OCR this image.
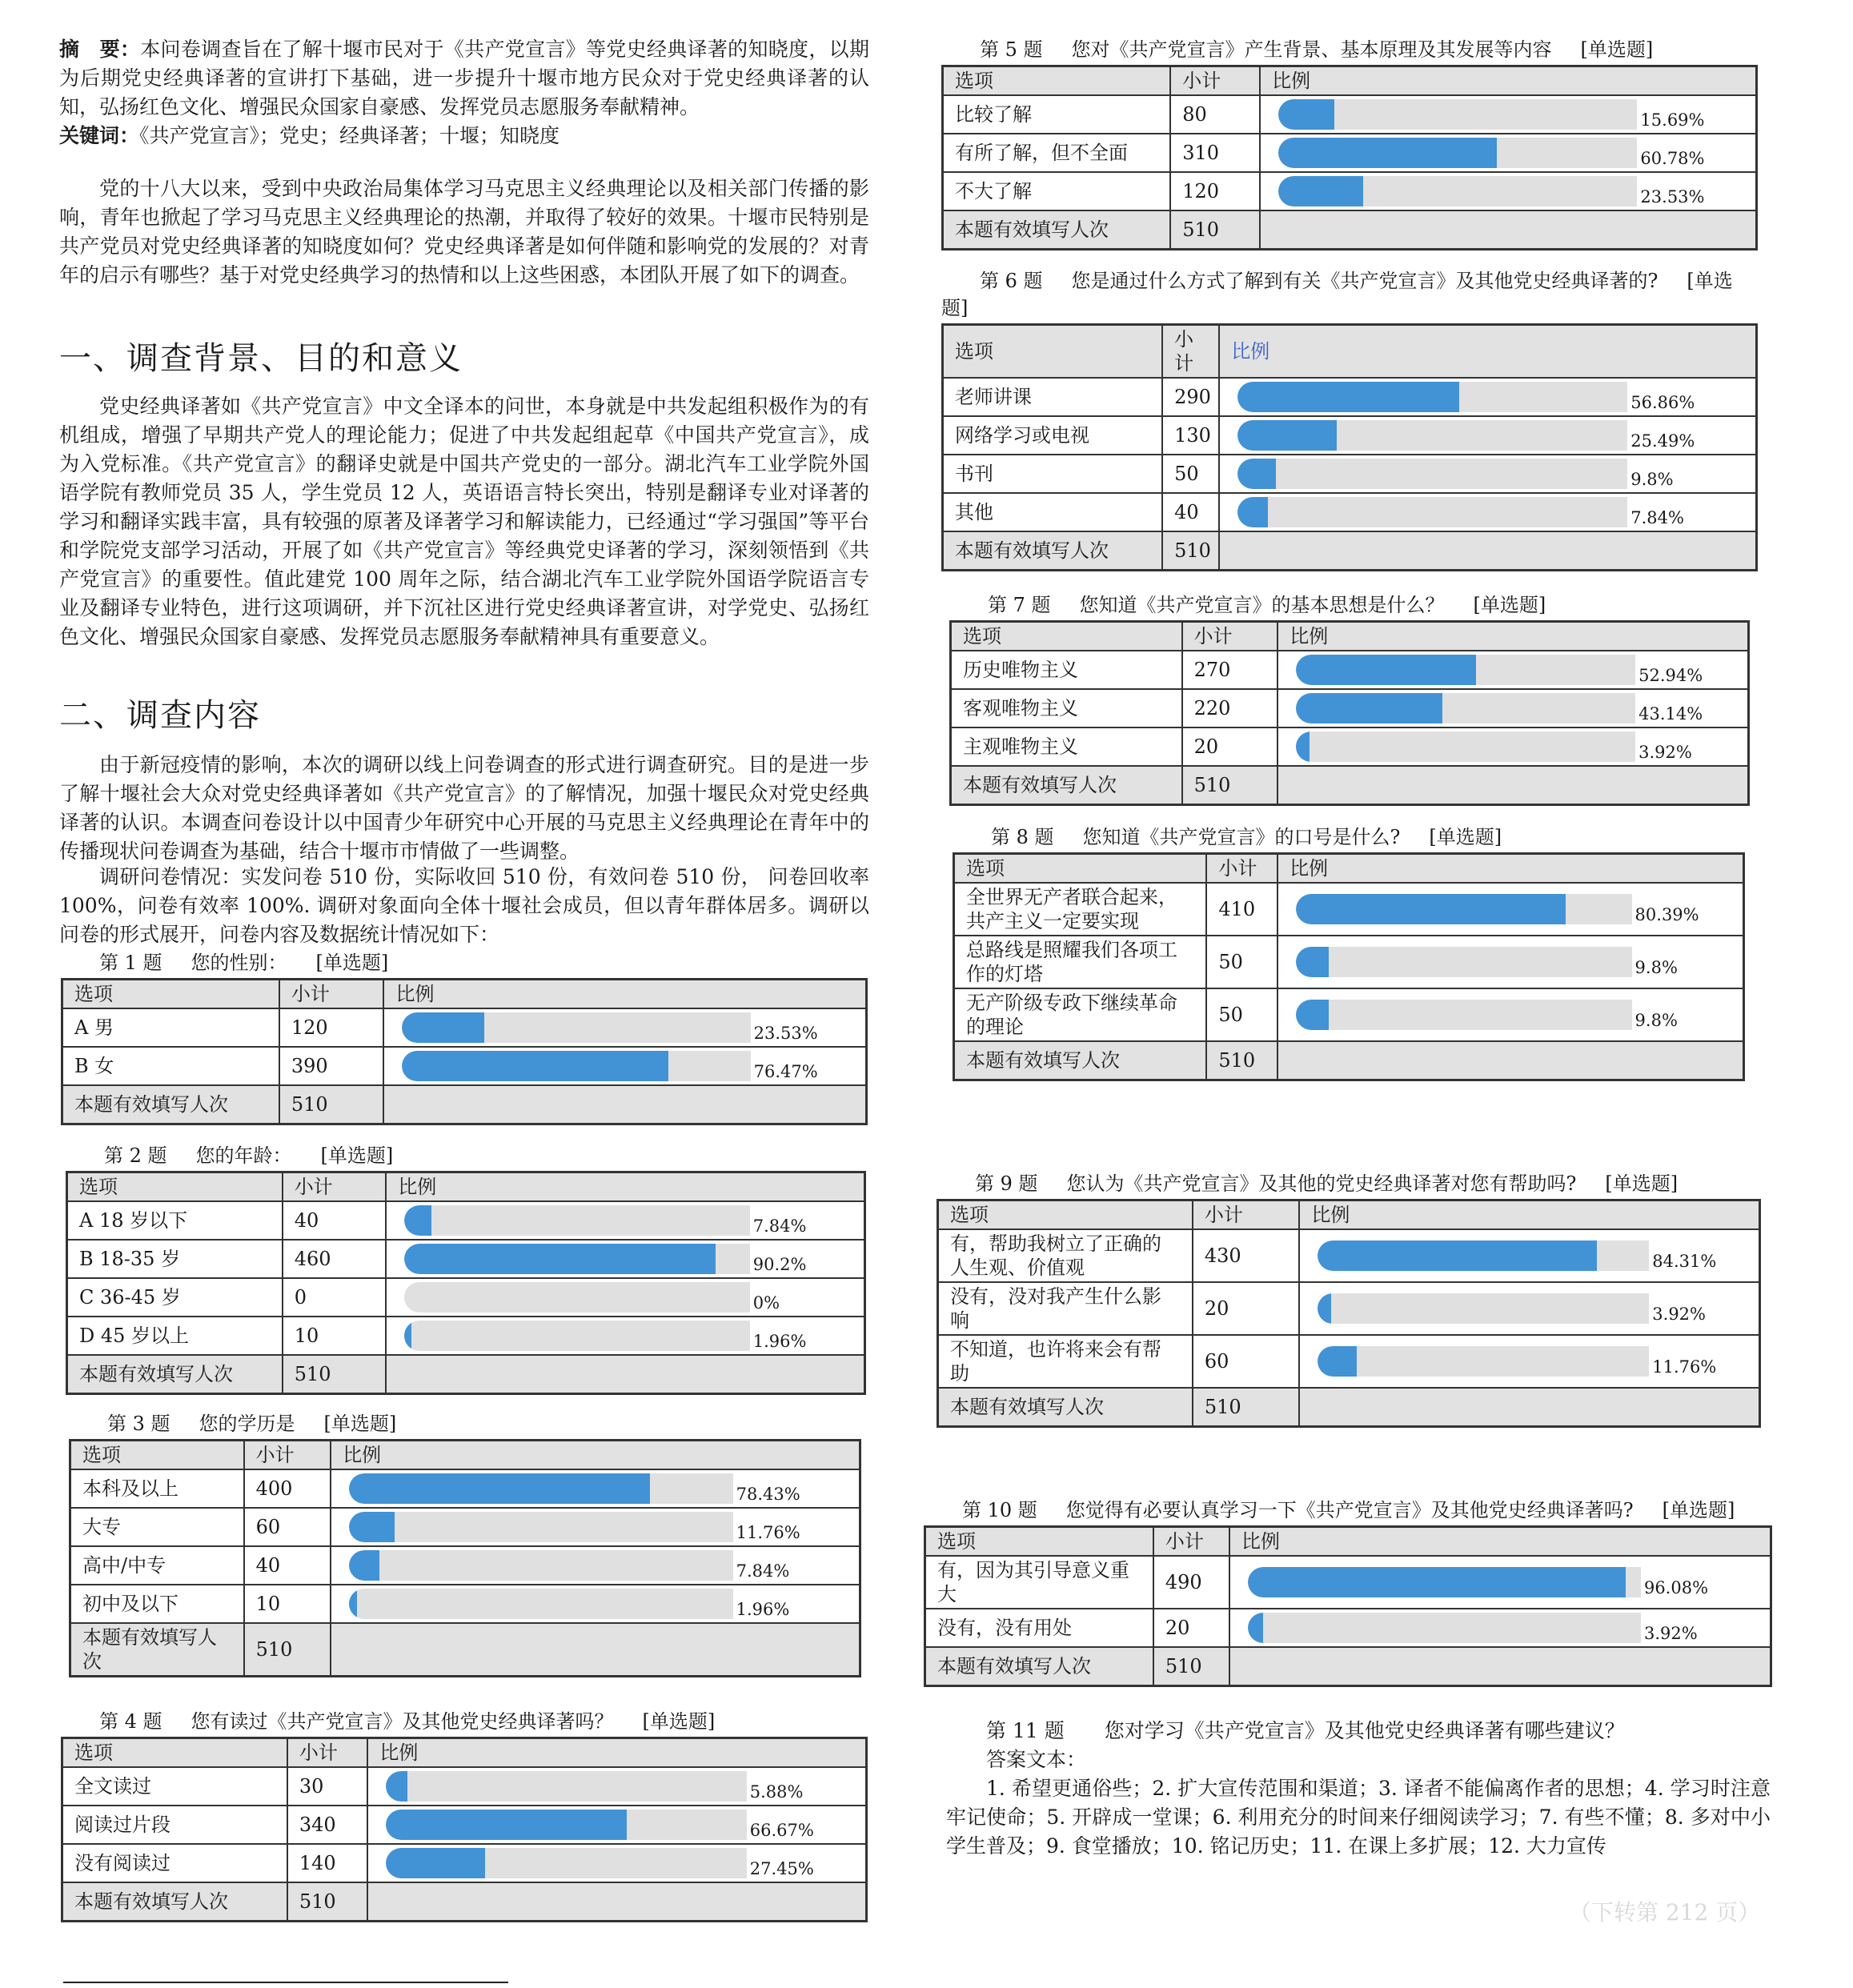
摘　要：本问卷调查旨在了解十堰市民对于《共产党宣言》等党史经典译著的知晓度，以期为后期党史经典译著的宣讲打下基础，进一步提升十堰市地方民众对于党史经典译著的认知，弘扬红色文化、增强民众国家自豪感、发挥党员志愿服务奉献精神。
关键词：《共产党宣言》；党史；经典译著；十堰；知晓度
党的十八大以来，受到中央政治局集体学习马克思主义经典理论以及相关部门传播的影响，青年也掀起了学习马克思主义经典理论的热潮，并取得了较好的效果。十堰市民特别是共产党员对党史经典译著的知晓度如何？党史经典译著是如何伴随和影响党的发展的？对青年的启示有哪些？基于对党史经典学习的热情和以上这些困惑，本团队开展了如下的调查。
一、调查背景、目的和意义
党史经典译著如《共产党宣言》中文全译本的问世，本身就是中共发起组积极作为的有机组成，增强了早期共产党人的理论能力；促进了中共发起组起草《中国共产党宣言》，成为入党标准。《共产党宣言》的翻译史就是中国共产党史的一部分。湖北汽车工业学院外国语学院有教师党员 35 人，学生党员 12 人，英语语言特长突出，特别是翻译专业对译著的学习和翻译实践丰富，具有较强的原著及译著学习和解读能力，已经通过“学习强国”等平台和学院党支部学习活动，开展了如《共产党宣言》等经典党史译著的学习，深刻领悟到《共产党宣言》的重要性。值此建党 100 周年之际，结合湖北汽车工业学院外国语学院语言专业及翻译专业特色，进行这项调研，并下沉社区进行党史经典译著宣讲，对学党史、弘扬红色文化、增强民众国家自豪感、发挥党员志愿服务奉献精神具有重要意义。
二、调查内容
由于新冠疫情的影响，本次的调研以线上问卷调查的形式进行调查研究。目的是进一步了解十堰社会大众对党史经典译著如《共产党宣言》的了解情况，加强十堰民众对党史经典译著的认识。本调查问卷设计以中国青少年研究中心开展的马克思主义经典理论在青年中的传播现状问卷调查为基础，结合十堰市市情做了一些调整。
调研问卷情况：实发问卷 510 份，实际收回 510 份，有效问卷 510 份， 问卷回收率 100%，问卷有效率 100%. 调研对象面向全体十堰社会成员，但以青年群体居多。调研以问卷的形式展开，问卷内容及数据统计情况如下：
第 1 题 您的性别： [单选题]
选项	小计	比例
A 男	120	23.53%

B 女	390	76.47%

本题有效填写人次	510	
第 2 题 您的年龄： [单选题]
选项	小计	比例
A 18 岁以下	40	7.84%

B 18-35 岁	460	90.2%

C 36-45 岁	0	0%

D 45 岁以上	10	1.96%

本题有效填写人次	510	
第 3 题 您的学历是 [单选题]
选项	小计	比例
本科及以上	400	78.43%

大专	60	11.76%

高中/中专	40	7.84%

初中及以下	10	1.96%

本题有效填写人次	510	
第 4 题 您有读过《共产党宣言》及其他党史经典译著吗？ [单选题]
选项	小计	比例
全文读过	30	5.88%

阅读过片段	340	66.67%

没有阅读过	140	27.45%

本题有效填写人次	510	
第 5 题 您对《共产党宣言》产生背景、基本原理及其发展等内容 [单选题]
选项	小计	比例
比较了解	80	15.69%

有所了解，但不全面	310	60.78%

不大了解	120	23.53%

本题有效填写人次	510	
第 6 题 您是通过什么方式了解到有关《共产党宣言》及其他党史经典译著的? [单选题]
选项	小计	比例
老师讲课	290	56.86%

网络学习或电视	130	25.49%

书刊	50	9.8%

其他	40	7.84%

本题有效填写人次	510	
第 7 题 您知道《共产党宣言》的基本思想是什么？ [单选题]
选项	小计	比例
历史唯物主义	270	52.94%

客观唯物主义	220	43.14%

主观唯物主义	20	3.92%

本题有效填写人次	510	
第 8 题 您知道《共产党宣言》的口号是什么? [单选题]
选项	小计	比例
全世界无产者联合起来，共产主义一定要实现	410	80.39%

总路线是照耀我们各项工作的灯塔	50	9.8%

无产阶级专政下继续革命的理论	50	9.8%

本题有效填写人次	510	
第 9 题 您认为《共产党宣言》及其他的党史经典译著对您有帮助吗? [单选题]
选项	小计	比例
有，帮助我树立了正确的人生观、价值观	430	84.31%

没有，没对我产生什么影响	20	3.92%

不知道，也许将来会有帮助	60	11.76%

本题有效填写人次	510	
第 10 题 您觉得有必要认真学习一下《共产党宣言》及其他党史经典译著吗? [单选题]
选项	小计	比例
有，因为其引导意义重大	490	96.08%

没有，没有用处	20	3.92%

本题有效填写人次	510	
第 11 题　　 您对学习《共产党宣言》及其他党史经典译著有哪些建议？
答案文本：
1. 希望更通俗些；2. 扩大宣传范围和渠道；3. 译者不能偏离作者的思想；4. 学习时注意牢记使命；5. 开辟成一堂课；6. 利用充分的时间来仔细阅读学习；7. 有些不懂；8. 多对中小学生普及；9. 食堂播放；10. 铭记历史；11. 在课上多扩展；12. 大力宣传
（下转第 212 页）
